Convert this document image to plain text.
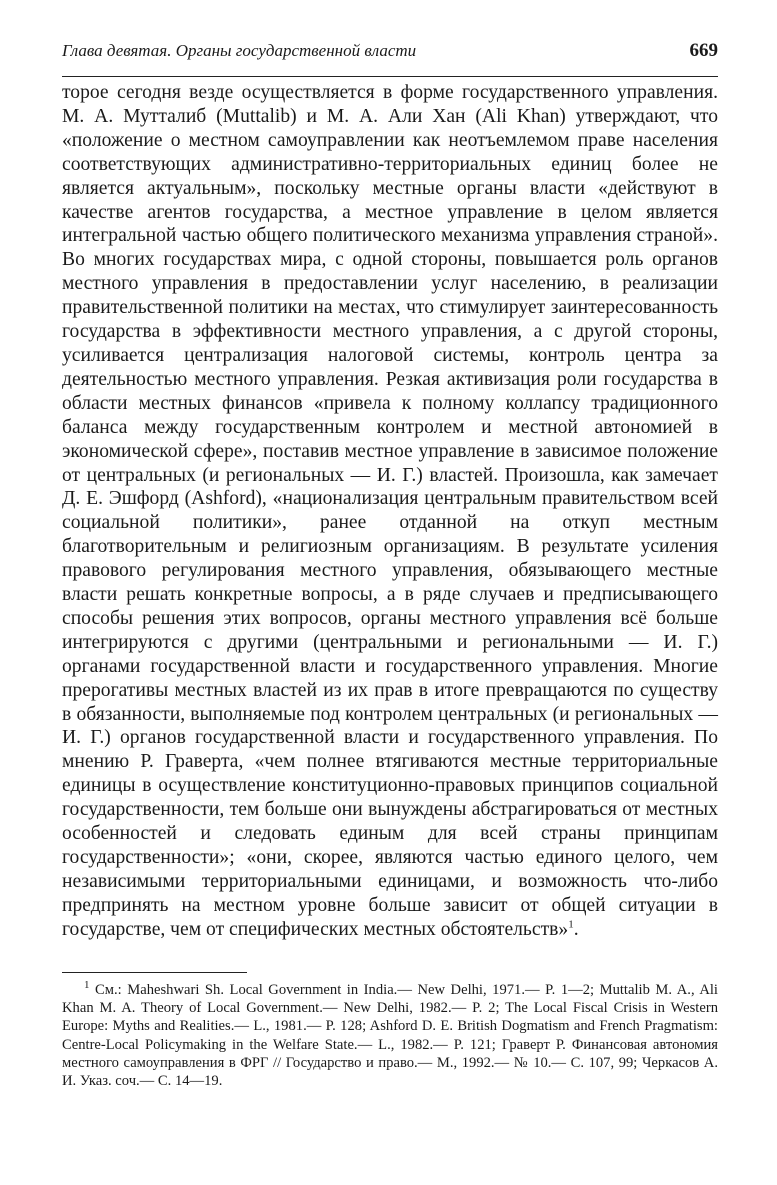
Глава девятая. Органы государственной власти	669

торое сегодня везде осуществляется в форме государственного управления. М. А. Мутталиб (Muttalib) и М. А. Али Хан (Ali Khan) утверждают, что «положение о местном самоуправлении как неотъемлемом праве населения соответствующих административно-территориальных единиц более не является актуальным», поскольку местные органы власти «действуют в качестве агентов государства, а местное управление в целом является интегральной частью общего политического механизма управления страной». Во многих государствах мира, с одной стороны, повышается роль органов местного управления в предоставлении услуг населению, в реализации правительственной политики на местах, что стимулирует заинтересованность государства в эффективности местного управления, а с другой стороны, усиливается централизация налоговой системы, контроль центра за деятельностью местного управления. Резкая активизация роли государства в области местных финансов «привела к полному коллапсу традиционного баланса между государственным контролем и местной автономией в экономической сфере», поставив местное управление в зависимое положение от центральных (и региональных — И. Г.) властей. Произошла, как замечает Д. Е. Эшфорд (Ashford), «национализация центральным правительством всей социальной политики», ранее отданной на откуп местным благотворительным и религиозным организациям. В результате усиления правового регулирования местного управления, обязывающего местные власти решать конкретные вопросы, а в ряде случаев и предписывающего способы решения этих вопросов, органы местного управления всё больше интегрируются с другими (центральными и региональными — И. Г.) органами государственной власти и государственного управления. Многие прерогативы местных властей из их прав в итоге превращаются по существу в обязанности, выполняемые под контролем центральных (и региональных — И. Г.) органов государственной власти и государственного управления. По мнению Р. Граверта, «чем полнее втягиваются местные территориальные единицы в осуществление конституционно-правовых принципов социальной государственности, тем больше они вынуждены абстрагироваться от местных особенностей и следовать единым для всей страны принципам государственности»; «они, скорее, являются частью единого целого, чем независимыми территориальными единицами, и возможность что-либо предпринять на местном уровне больше зависит от общей ситуации в государстве, чем от специфических местных обстоятельств»$^1$.

$^1$ См.: Maheshwari Sh. Local Government in India.— New Delhi, 1971.— P. 1—2; Muttalib M. A., Ali Khan M. A. Theory of Local Government.— New Delhi, 1982.— P. 2; The Local Fiscal Crisis in Western Europe: Myths and Realities.— L., 1981.— P. 128; Ashford D. E. British Dogmatism and French Pragmatism: Centre-Local Policymaking in the Welfare State.— L., 1982.— P. 121; Граверт Р. Финансовая автономия местного самоуправления в ФРГ // Государство и право.— М., 1992.— № 10.— С. 107, 99; Черкасов А. И. Указ. соч.— С. 14—19.
